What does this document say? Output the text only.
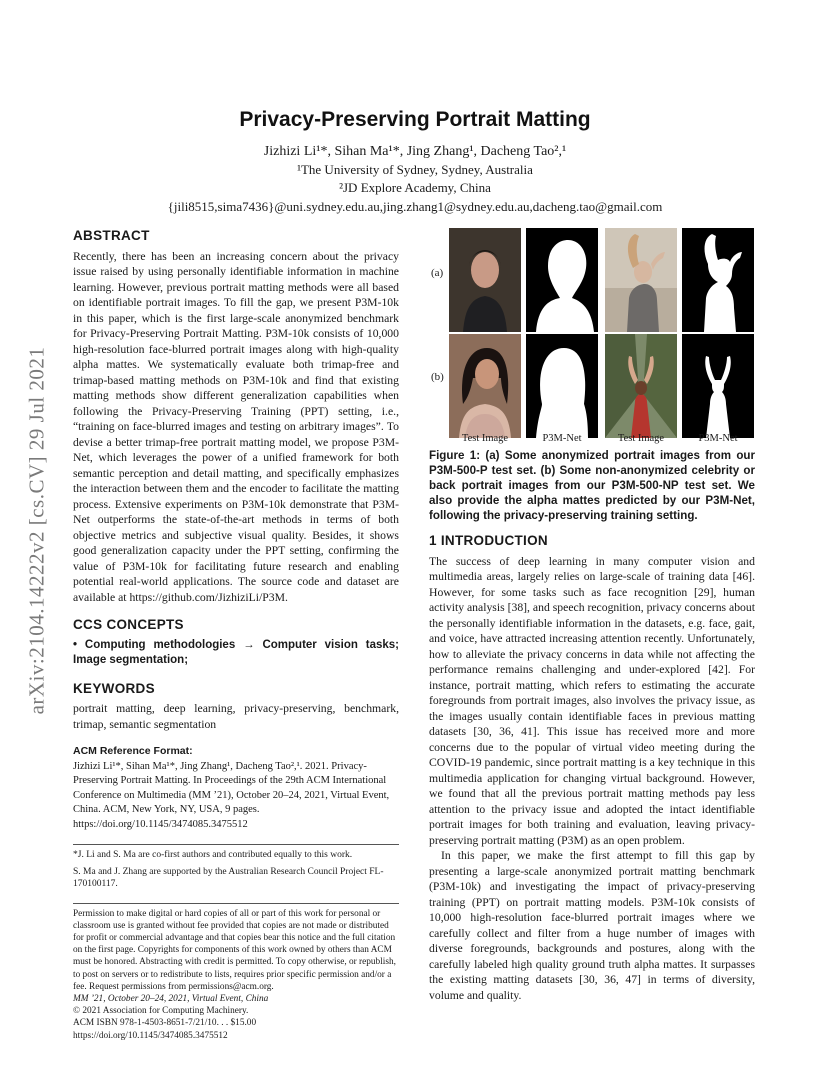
arXiv:2104.14222v2 [cs.CV] 29 Jul 2021
Privacy-Preserving Portrait Matting
Jizhizi Li¹*, Sihan Ma¹*, Jing Zhang¹, Dacheng Tao²,¹
¹The University of Sydney, Sydney, Australia
²JD Explore Academy, China
{jili8515,sima7436}@uni.sydney.edu.au,jing.zhang1@sydney.edu.au,dacheng.tao@gmail.com
ABSTRACT

Recently, there has been an increasing concern about the privacy issue raised by using personally identifiable information in machine learning. However, previous portrait matting methods were all based on identifiable portrait images. To fill the gap, we present P3M-10k in this paper, which is the first large-scale anonymized benchmark for Privacy-Preserving Portrait Matting. P3M-10k consists of 10,000 high-resolution face-blurred portrait images along with high-quality alpha mattes. We systematically evaluate both trimap-free and trimap-based matting methods on P3M-10k and find that existing matting methods show different generalization capabilities when following the Privacy-Preserving Training (PPT) setting, i.e., “training on face-blurred images and testing on arbitrary images”. To devise a better trimap-free portrait matting model, we propose P3M-Net, which leverages the power of a unified framework for both semantic perception and detail matting, and specifically emphasizes the interaction between them and the encoder to facilitate the matting process. Extensive experiments on P3M-10k demonstrate that P3M-Net outperforms the state-of-the-art methods in terms of both objective metrics and subjective visual quality. Besides, it shows good generalization capacity under the PPT setting, confirming the value of P3M-10k for facilitating future research and enabling potential real-world applications. The source code and dataset are available at https://github.com/JizhiziLi/P3M.

CCS CONCEPTS

• Computing methodologies → Computer vision tasks; Image segmentation;

KEYWORDS

portrait matting, deep learning, privacy-preserving, benchmark, trimap, semantic segmentation

ACM Reference Format:

Jizhizi Li¹*, Sihan Ma¹*, Jing Zhang¹, Dacheng Tao²,¹. 2021. Privacy-Preserving Portrait Matting. In Proceedings of the 29th ACM International Conference on Multimedia (MM ’21), October 20–24, 2021, Virtual Event, China. ACM, New York, NY, USA, 9 pages. https://doi.org/10.1145/3474085.3475512

*J. Li and S. Ma are co-first authors and contributed equally to this work.

S. Ma and J. Zhang are supported by the Australian Research Council Project FL-170100117.

Permission to make digital or hard copies of all or part of this work for personal or classroom use is granted without fee provided that copies are not made or distributed for profit or commercial advantage and that copies bear this notice and the full citation on the first page. Copyrights for components of this work owned by others than ACM must be honored. Abstracting with credit is permitted. To copy otherwise, or republish, to post on servers or to redistribute to lists, requires prior specific permission and/or a fee. Request permissions from permissions@acm.org.

MM ’21, October 20–24, 2021, Virtual Event, China

© 2021 Association for Computing Machinery.

ACM ISBN 978-1-4503-8651-7/21/10. . . $15.00

https://doi.org/10.1145/3474085.3475512

(a)
(b)
Test Image	P3M-Net	Test Image	P3M-Net

Figure 1: (a) Some anonymized portrait images from our P3M-500-P test set. (b) Some non-anonymized celebrity or back portrait images from our P3M-500-NP test set. We also provide the alpha mattes predicted by our P3M-Net, following the privacy-preserving training setting.

1 INTRODUCTION

The success of deep learning in many computer vision and multimedia areas, largely relies on large-scale of training data [46]. However, for some tasks such as face recognition [29], human activity analysis [38], and speech recognition, privacy concerns about the personally identifiable information in the datasets, e.g. face, gait, and voice, have attracted increasing attention recently. Unfortunately, how to alleviate the privacy concerns in data while not affecting the performance remains challenging and under-explored [42]. For instance, portrait matting, which refers to estimating the accurate foregrounds from portrait images, also involves the privacy issue, as the images usually contain identifiable faces in previous matting datasets [30, 36, 41]. This issue has received more and more concerns due to the popular of virtual video meeting during the COVID-19 pandemic, since portrait matting is a key technique in this multimedia application for changing virtual background. However, we found that all the previous portrait matting methods pay less attention to the privacy issue and adopted the intact identifiable portrait images for both training and evaluation, leaving privacy-preserving portrait matting (P3M) as an open problem.

In this paper, we make the first attempt to fill this gap by presenting a large-scale anonymized portrait matting benchmark (P3M-10k) and investigating the impact of privacy-preserving training (PPT) on portrait matting models. P3M-10k consists of 10,000 high-resolution face-blurred portrait images where we carefully collect and filter from a huge number of images with diverse foregrounds, backgrounds and postures, along with the carefully labeled high quality ground truth alpha mattes. It surpasses the existing matting datasets [30, 36, 47] in terms of diversity, volume and quality.
